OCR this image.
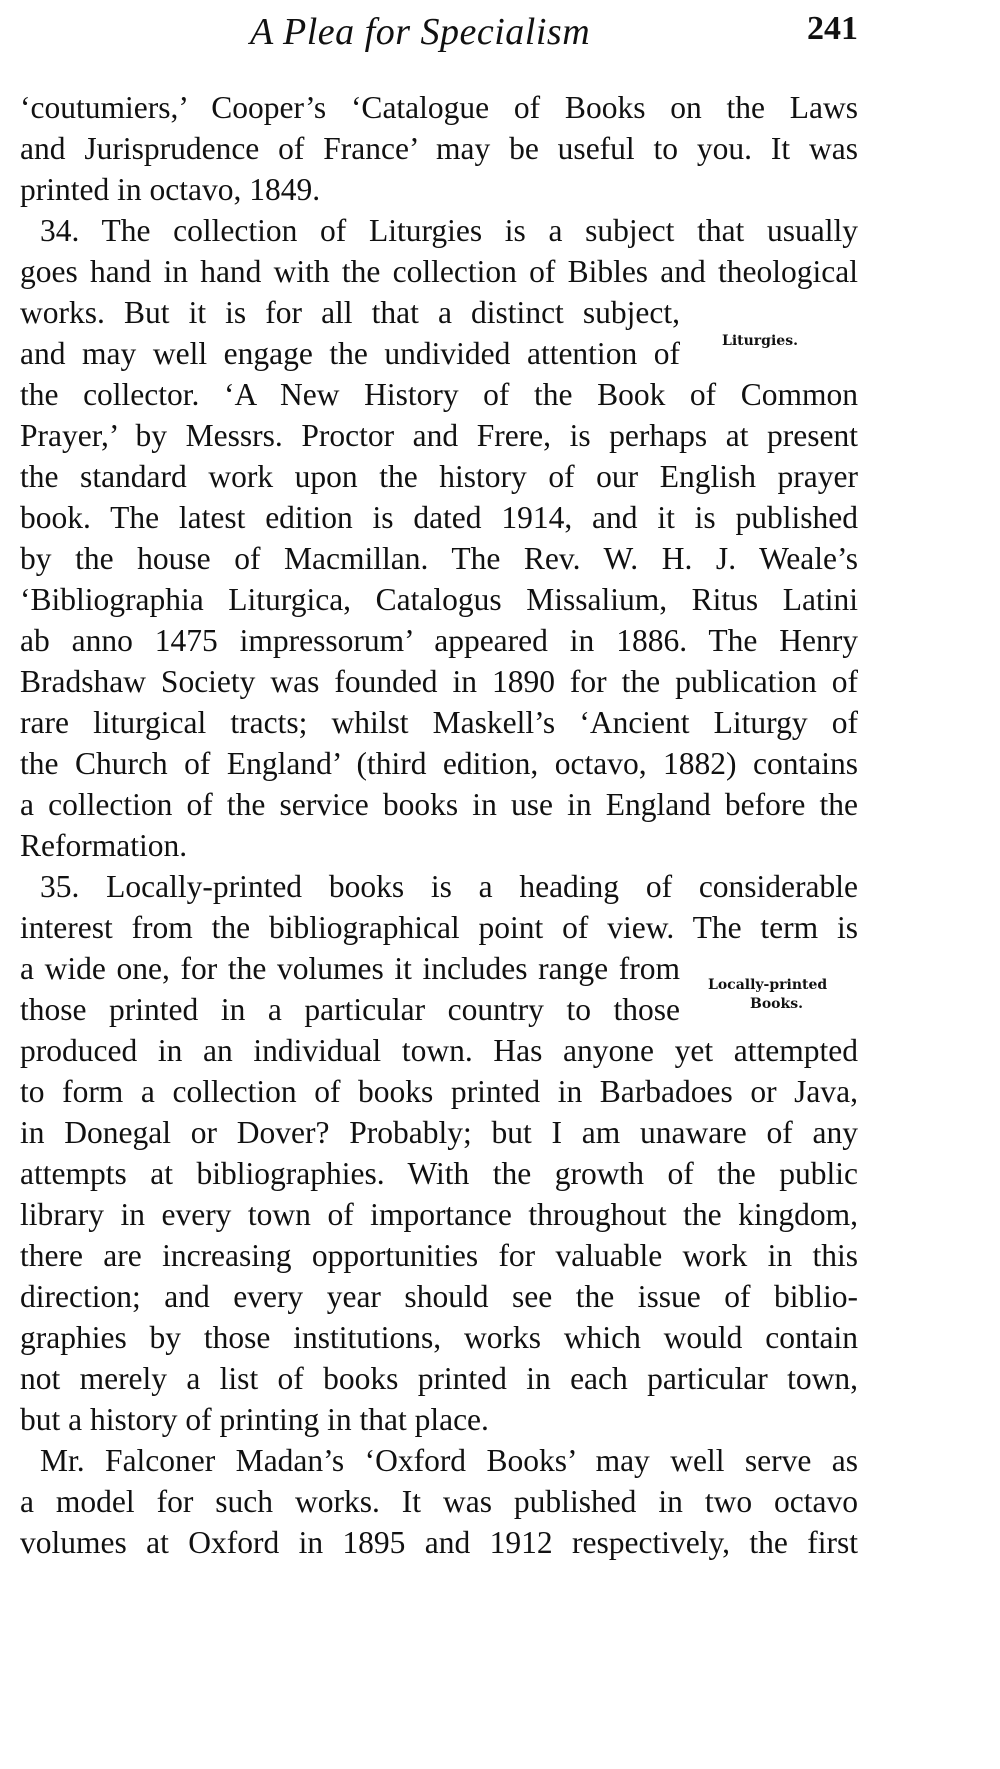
A Plea for Specialism	241
‘coutumiers,’ Cooper’s ‘Catalogue of Books on the Laws
and Jurisprudence of France’ may be useful to you. It was
printed in octavo, 1849.
34. The collection of Liturgies is a subject that usually
goes hand in hand with the collection of Bibles and theological
works. But it is for all that a distinct subject,
and may well engage the undivided attention of
the collector. ‘A New History of the Book of Common
Prayer,’ by Messrs. Proctor and Frere, is perhaps at present
the standard work upon the history of our English prayer
book. The latest edition is dated 1914, and it is published
by the house of Macmillan. The Rev. W. H. J. Weale’s
‘Bibliographia Liturgica, Catalogus Missalium, Ritus Latini
ab anno 1475 impressorum’ appeared in 1886. The Henry
Bradshaw Society was founded in 1890 for the publication of
rare liturgical tracts; whilst Maskell’s ‘Ancient Liturgy of
the Church of England’ (third edition, octavo, 1882) contains
a collection of the service books in use in England before the
Reformation.
35. Locally-printed books is a heading of considerable
interest from the bibliographical point of view. The term is
a wide one, for the volumes it includes range from
those printed in a particular country to those
produced in an individual town. Has anyone yet attempted
to form a collection of books printed in Barbadoes or Java,
in Donegal or Dover? Probably; but I am unaware of any
attempts at bibliographies. With the growth of the public
library in every town of importance throughout the kingdom,
there are increasing opportunities for valuable work in this
direction; and every year should see the issue of biblio-
graphies by those institutions, works which would contain
not merely a list of books printed in each particular town,
but a history of printing in that place.
Mr. Falconer Madan’s ‘Oxford Books’ may well serve as
a model for such works. It was published in two octavo
volumes at Oxford in 1895 and 1912 respectively, the first
Liturgies.
Locally-printed
Books.
